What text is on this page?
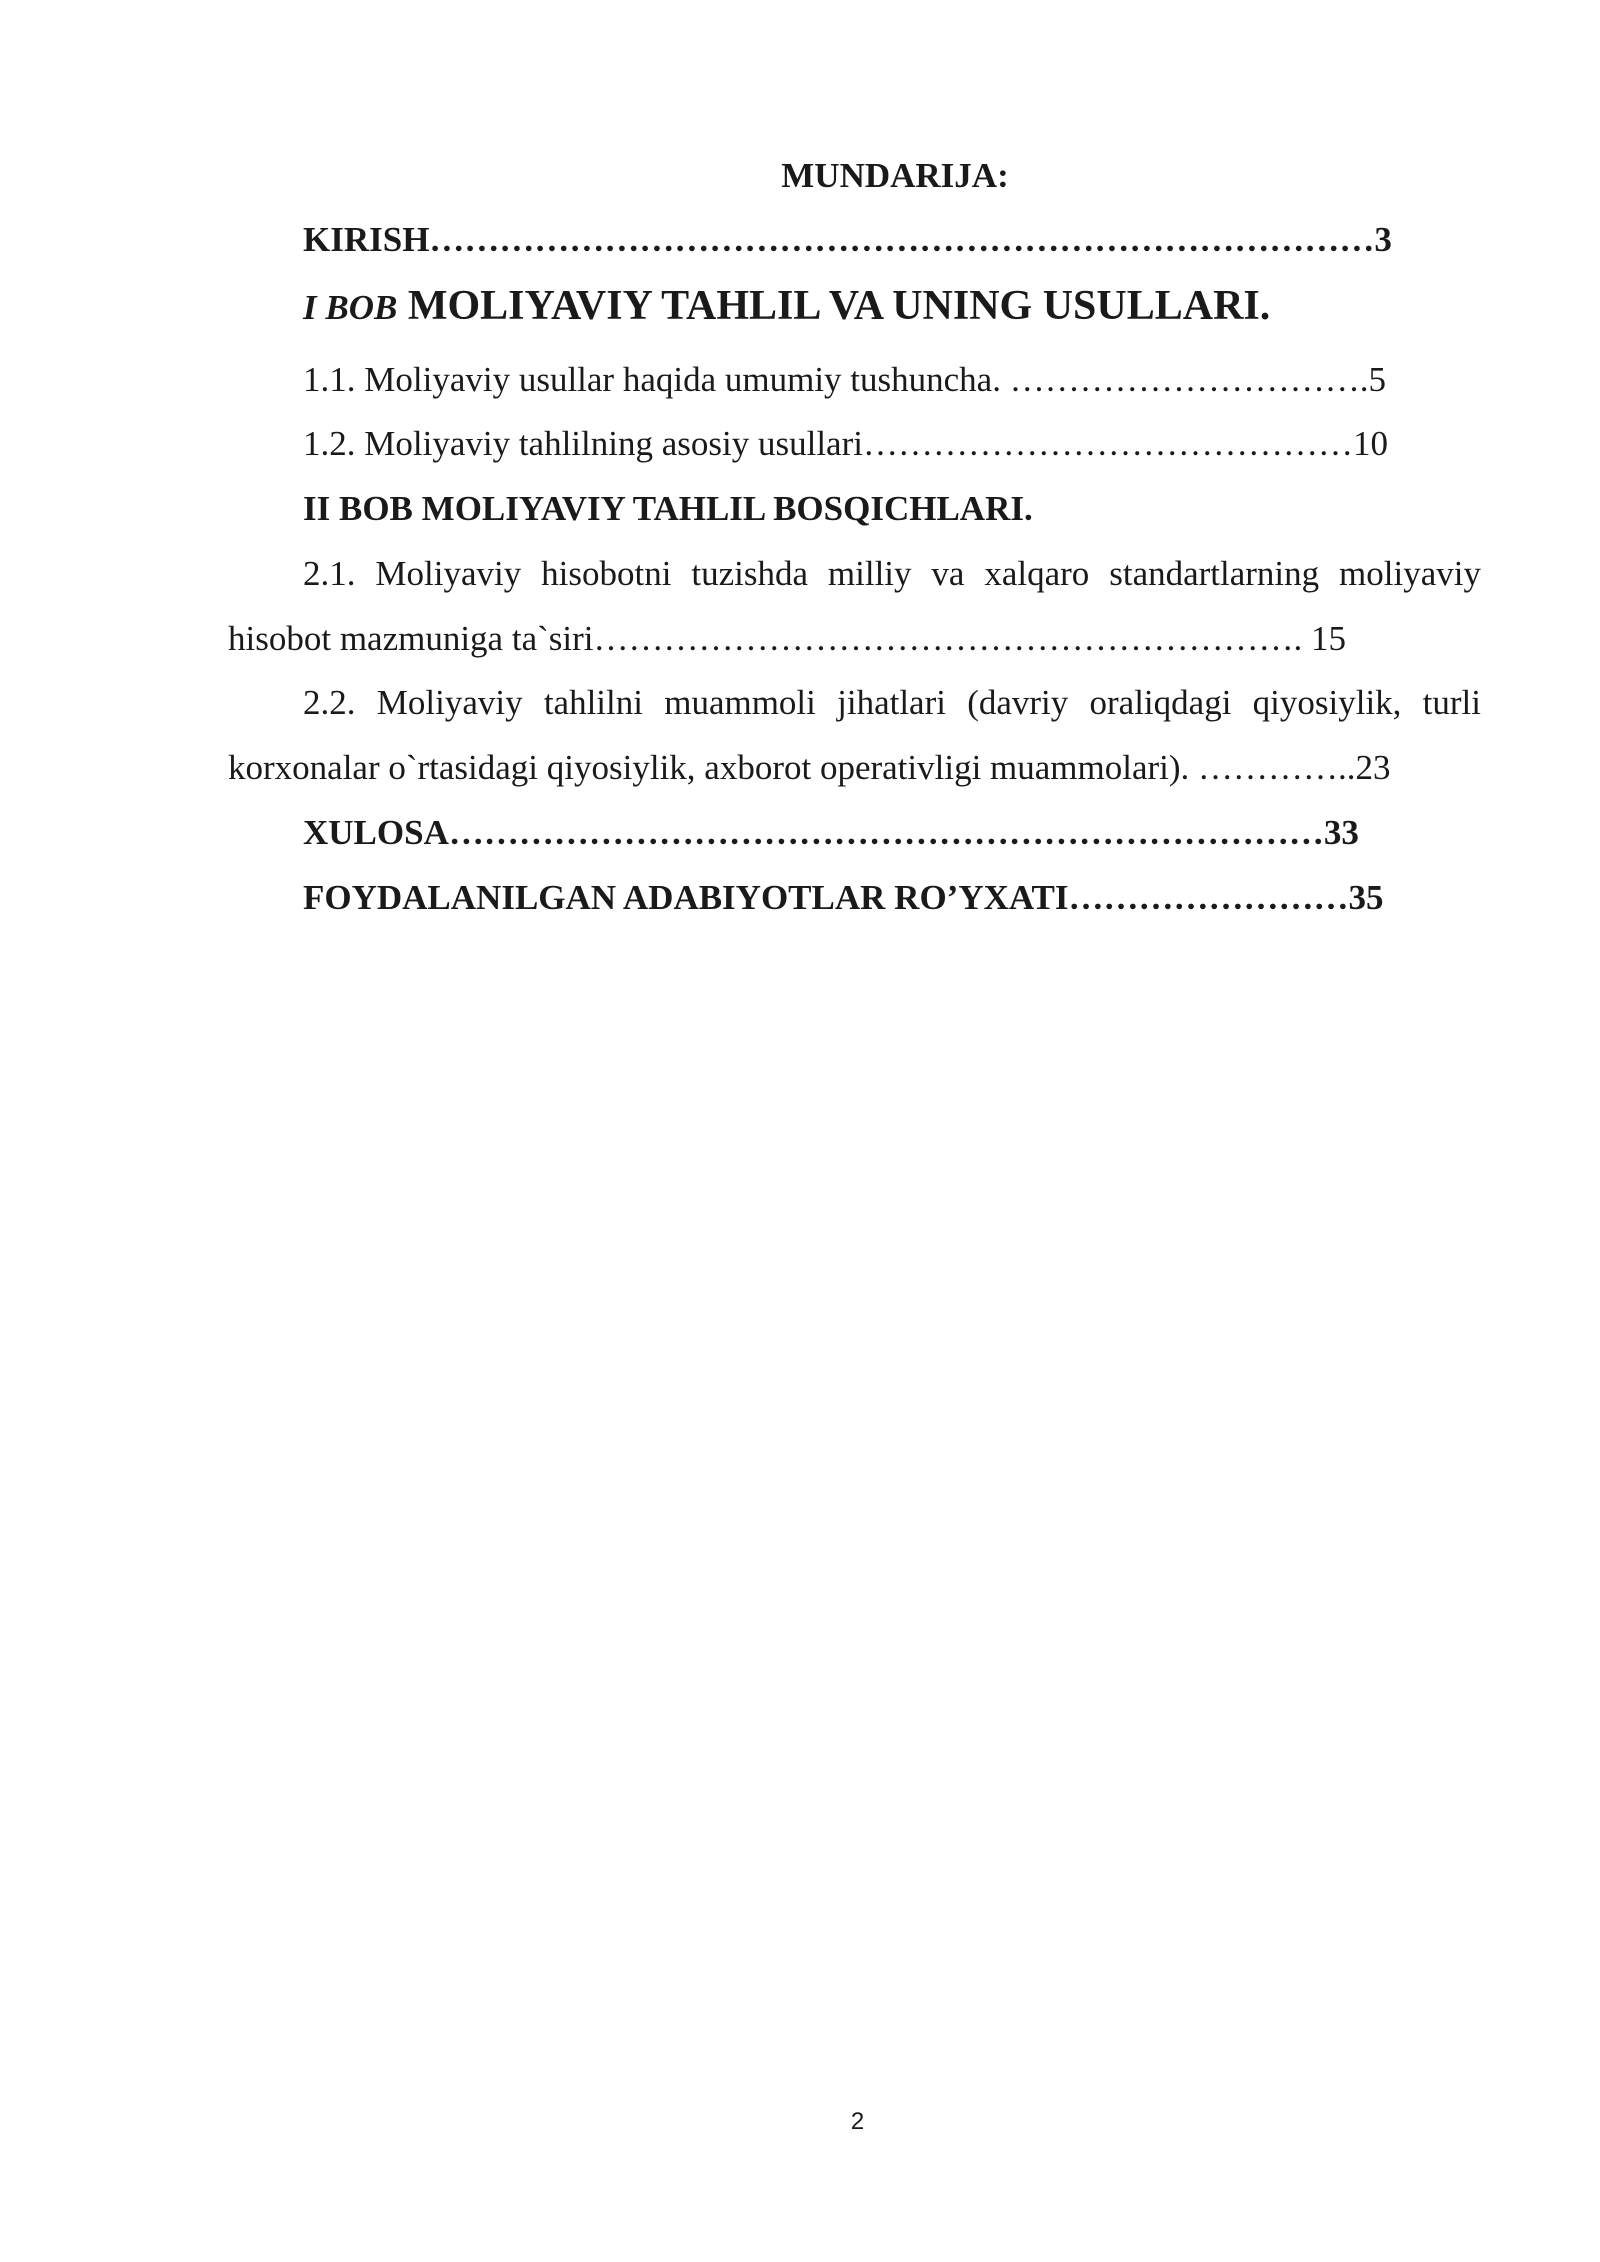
MUNDARIJA:
KIRISH………………………………………………………………………3
I BOB MOLIYAVIY TAHLIL VA UNING USULLARI.
1.1. Moliyaviy usullar haqida umumiy tushuncha. ………………………….5
1.2. Moliyaviy tahlilning asosiy usullari……………………………………10
II BOB MOLIYAVIY TAHLIL BOSQICHLARI.
2.1. Moliyaviy hisobotni tuzishda milliy va xalqaro standartlarning moliyaviy
hisobot mazmuniga ta`siri……………………………………………………. 15
2.2. Moliyaviy tahlilni muammoli jihatlari (davriy oraliqdagi qiyosiylik, turli
korxonalar o`rtasidagi qiyosiylik, axborot operativligi muammolari). …………..23
XULOSA…………………………………………………………………33
FOYDALANILGAN ADABIYOTLAR RO’YXATI……………………35
2
